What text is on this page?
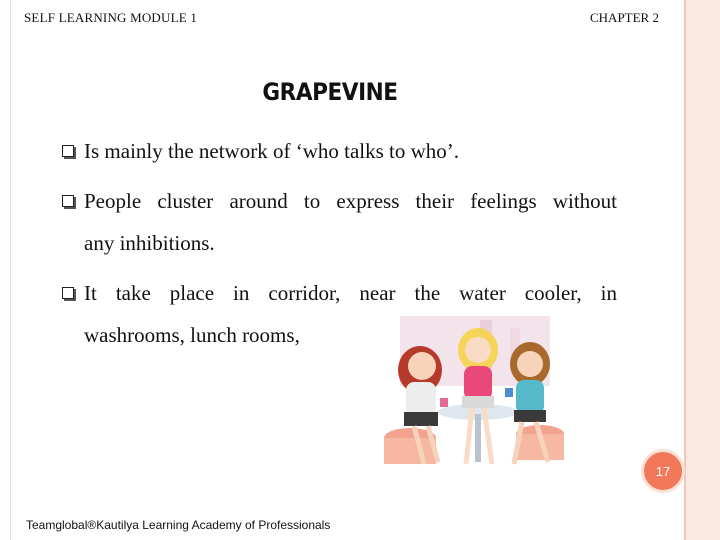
SELF LEARNING MODULE 1	CHAPTER 2
GRAPEVINE
Is mainly the network of ‘who talks to who’.
People cluster around to express their feelings without
any inhibitions.
It take place in corridor, near the water cooler, in
washrooms, lunch rooms,
17
Teamglobal®Kautilya Learning Academy of Professionals
